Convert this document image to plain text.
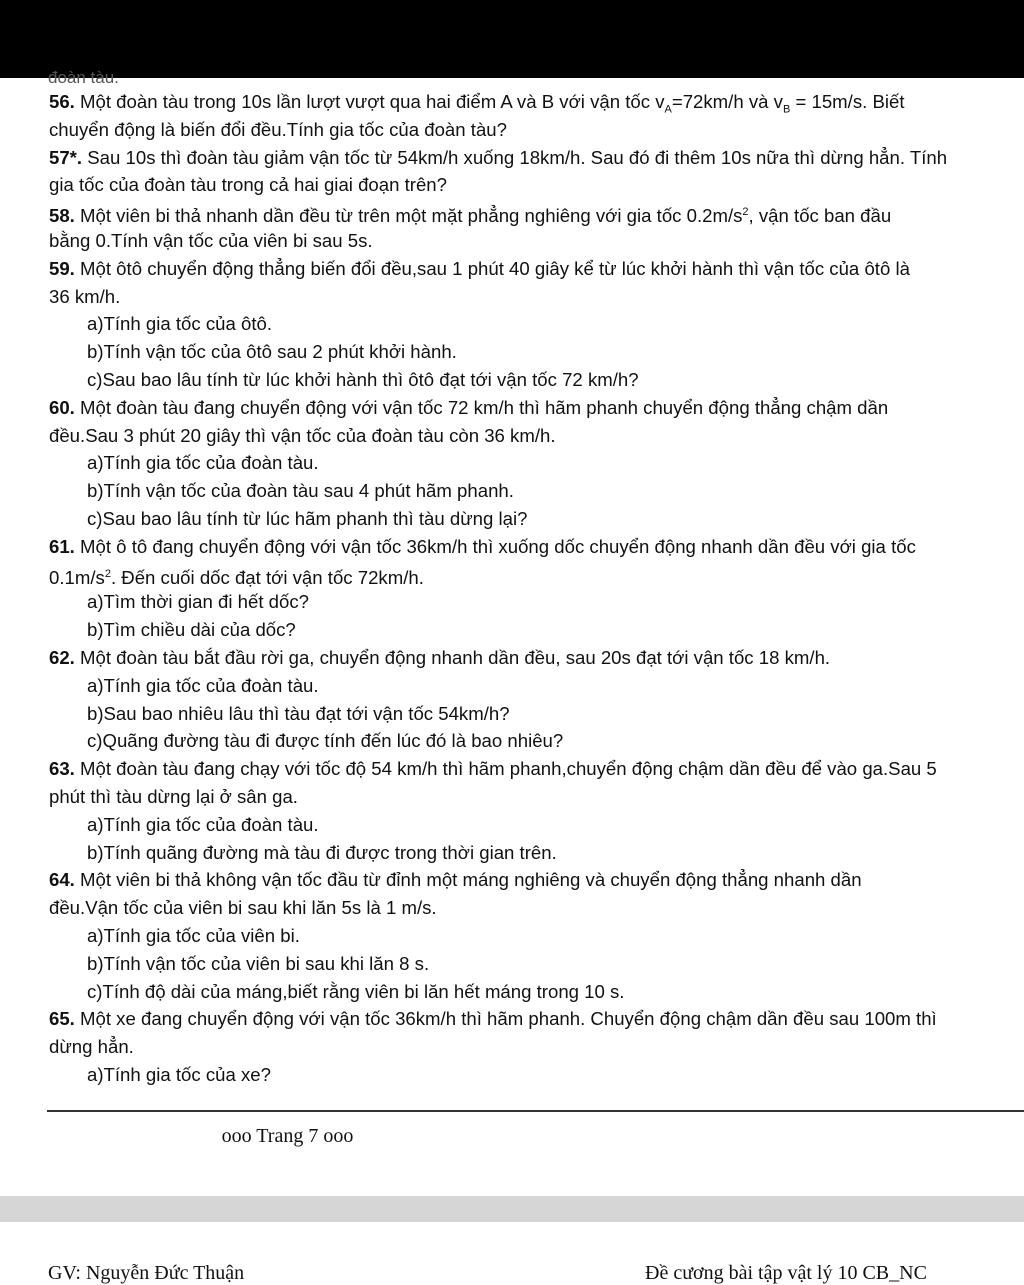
đoàn tàu.
56. Một đoàn tàu trong 10s lần lượt vượt qua hai điểm A và B với vận tốc $v_A=72km/h$ và $v_B = 15m/s$. Biết
chuyển động là biến đổi đều.Tính gia tốc của đoàn tàu?
57*. Sau 10s thì đoàn tàu giảm vận tốc từ 54km/h xuống 18km/h. Sau đó đi thêm 10s nữa thì dừng hẳn. Tính
gia tốc của đoàn tàu trong cả hai giai đoạn trên?
58. Một viên bi thả nhanh dần đều từ trên một mặt phẳng nghiêng với gia tốc $0.2m/s^2$, vận tốc ban đầu
bằng 0.Tính vận tốc của viên bi sau 5s.
59. Một ôtô chuyển động thẳng biến đổi đều,sau 1 phút 40 giây kể từ lúc khởi hành thì vận tốc của ôtô là
36 km/h.
a)Tính gia tốc của ôtô.
b)Tính vận tốc của ôtô sau 2 phút khởi hành.
c)Sau bao lâu tính từ lúc khởi hành thì ôtô đạt tới vận tốc 72 km/h?
60. Một đoàn tàu đang chuyển động với vận tốc 72 km/h thì hãm phanh chuyển động thẳng chậm dần
đều.Sau 3 phút 20 giây thì vận tốc của đoàn tàu còn 36 km/h.
a)Tính gia tốc của đoàn tàu.
b)Tính vận tốc của đoàn tàu sau 4 phút hãm phanh.
c)Sau bao lâu tính từ lúc hãm phanh thì tàu dừng lại?
61. Một ô tô đang chuyển động với vận tốc 36km/h thì xuống dốc chuyển động nhanh dần đều với gia tốc
$0.1m/s^2$. Đến cuối dốc đạt tới vận tốc 72km/h.
a)Tìm thời gian đi hết dốc?
b)Tìm chiều dài của dốc?
62. Một đoàn tàu bắt đầu rời ga, chuyển động nhanh dần đều, sau 20s đạt tới vận tốc 18 km/h.
a)Tính gia tốc của đoàn tàu.
b)Sau bao nhiêu lâu thì tàu đạt tới vận tốc 54km/h?
c)Quãng đường tàu đi được tính đến lúc đó là bao nhiêu?
63. Một đoàn tàu đang chạy với tốc độ 54 km/h thì hãm phanh,chuyển động chậm dần đều để vào ga.Sau 5
phút thì tàu dừng lại ở sân ga.
a)Tính gia tốc của đoàn tàu.
b)Tính quãng đường mà tàu đi được trong thời gian trên.
64. Một viên bi thả không vận tốc đầu từ đỉnh một máng nghiêng và chuyển động thẳng nhanh dần
đều.Vận tốc của viên bi sau khi lăn 5s là 1 m/s.
a)Tính gia tốc của viên bi.
b)Tính vận tốc của viên bi sau khi lăn 8 s.
c)Tính độ dài của máng,biết rằng viên bi lăn hết máng trong 10 s.
65. Một xe đang chuyển động với vận tốc 36km/h thì hãm phanh. Chuyển động chậm dần đều sau 100m thì
dừng hẳn.
a)Tính gia tốc của xe?
ooo Trang 7 ooo
GV: Nguyễn Đức Thuận	Đề cương bài tập vật lý 10 CB_NC
